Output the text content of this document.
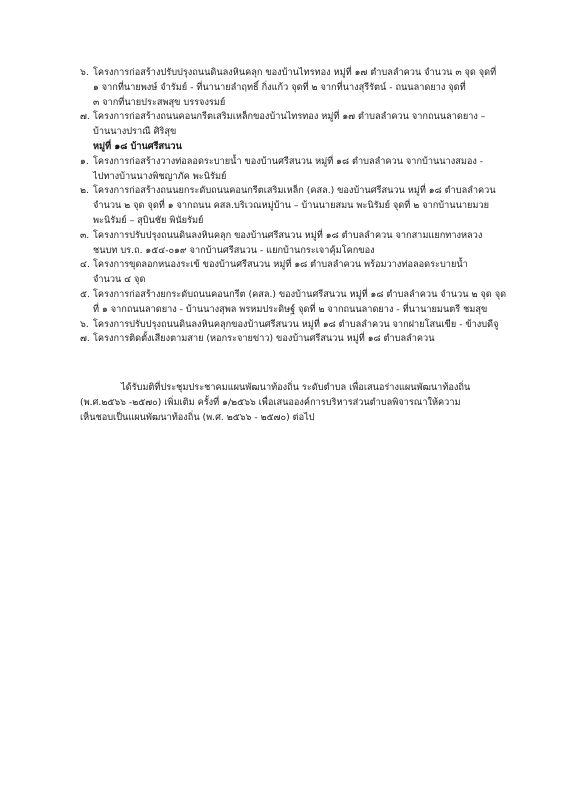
๖. โครงการก่อสร้างปรับปรุงถนนดินลงหินคลุก ของบ้านไทรทอง หมู่ที่ ๑๗ ตำบลลำควน จำนวน ๓ จุด จุดที่
๑ จากที่นายพงษ์ จำรัมย์ - ที่นานายลำฤทธิ์ กิ่งแก้ว จุดที่ ๒ จากที่นางสุรีรัตน์ - ถนนลาดยาง จุดที่
๓ จากที่นายประสพสุข บรรจงรมย์
๗. โครงการก่อสร้างถนนคอนกรีตเสริมเหล็กของบ้านไทรทอง หมู่ที่ ๑๗ ตำบลลำควน จากถนนลาดยาง –
บ้านนางปราณี ศิริสุข
หมู่ที่ ๑๘ บ้านศรีสนวน
๑. โครงการก่อสร้างวางท่อลอดระบายน้ำ ของบ้านศรีสนวน หมู่ที่ ๑๘ ตำบลลำควน จากบ้านนางสมอง -
ไปทางบ้านนางพิชญาภัค พะนิรัมย์
๒. โครงการก่อสร้างถนนยกระดับถนนคอนกรีตเสริมเหล็ก (คสล.) ของบ้านศรีสนวน หมู่ที่ ๑๘ ตำบลลำควน
จำนวน ๒ จุด จุดที่ ๑ จากถนน คสล.บริเวณหมู่บ้าน – บ้านนายสมน พะนิรัมย์ จุดที่ ๒ จากบ้านนายมวย
พะนิรัมย์ – สุบินชัย พินัยรัมย์
๓. โครงการปรับปรุงถนนดินลงหินคลุก ของบ้านศรีสนวน หมู่ที่ ๑๘ ตำบลลำควน จากสามแยกทางหลวง
ชนบท บร.ถ. ๑๕๔-๐๑๙ จากบ้านศรีสนวน - แยกบ้านกระเจาคุ้มโคกของ
๔. โครงการขุดลอกหนองระเข้ ของบ้านศรีสนวน หมู่ที่ ๑๘ ตำบลลำควน พร้อมวางท่อลอดระบายน้ำ
จำนวน ๔ จุด
๕. โครงการก่อสร้างยกระดับถนนคอนกรีต (คสล.) ของบ้านศรีสนวน หมู่ที่ ๑๘ ตำบลลำควน จำนวน ๒ จุด จุด
ที่ ๑ จากถนนลาดยาง - บ้านนางสุพล พรหมประดิษฐ์ จุดที่ ๒ จากถนนลาดยาง - ที่นานายมนตรี ชมสุข
๖. โครงการปรับปรุงถนนดินลงหินคลุกของบ้านศรีสนวน หมู่ที่ ๑๘ ตำบลลำควน จากฝายโสนเขีย - ข้างบดีจู
๗. โครงการติดตั้งเสียงตามสาย (หอกระจายข่าว) ของบ้านศรีสนวน หมู่ที่ ๑๘ ตำบลลำควน
ได้รับมติที่ประชุมประชาคมแผนพัฒนาท้องถิ่น ระดับตำบล เพื่อเสนอร่างแผนพัฒนาท้องถิ่น
(พ.ศ.๒๕๖๖ -๒๕๗๐) เพิ่มเติม ครั้งที่ ๑/๒๕๖๖ เพื่อเสนอองค์การบริหารส่วนตำบลพิจารณาให้ความ
เห็นชอบเป็นแผนพัฒนาท้องถิ่น (พ.ศ. ๒๕๖๖ - ๒๕๗๐) ต่อไป
